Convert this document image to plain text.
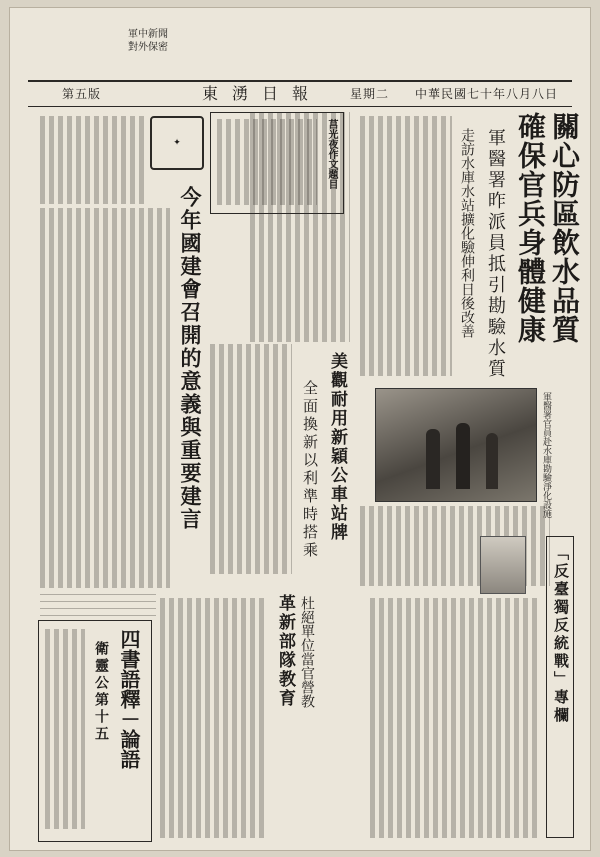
第五版	東湧日報 星期二 中華民國七十年八月八日
軍中新聞
對外保密
關心防區飲水品質
確保官兵身體健康
軍醫署昨派員抵引勘驗水質
走訪水庫水站擴化驗伸利日後改善
軍醫署官員赴水庫勘驗淨化設施
美觀耐用新穎公車站牌
全面換新以利準時搭乘
莒光夜作文題目
今年國建會召開的意義與重要建言
✦
「反臺獨反統戰」專欄
杜絕單位當官營教
革新部隊教育
四書語釋－論語
衛靈公第十五
